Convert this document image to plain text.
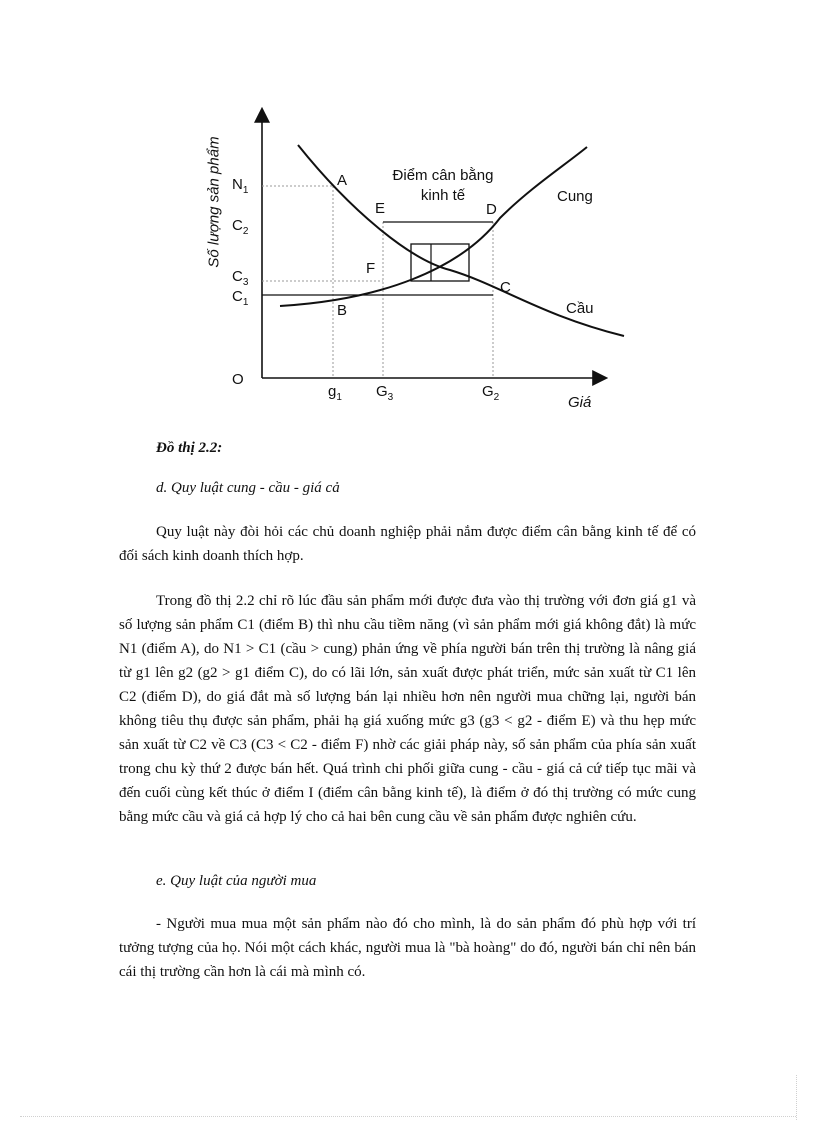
Số lượng sản phẩm $N_1$
$C_2$
$C_3$
$C_1$
O
$g_1$ $G_3$	$G_2$	Giá
A
E	D
F
B
C
Điểm cân bằng
kinh tế	Cung
Cầu
Đồ thị 2.2:
d. Quy luật cung - cầu - giá cả
Quy luật này đòi hỏi các chủ doanh nghiệp phải nắm được điểm cân bằng kinh tế để có đối sách kinh doanh thích hợp.
Trong đồ thị 2.2 chỉ rõ lúc đầu sản phẩm mới được đưa vào thị trường với đơn giá g1 và số lượng sản phẩm C1 (điểm B) thì nhu cầu tiềm năng (vì sản phẩm mới giá không đắt) là mức N1 (điểm A), do N1 > C1 (cầu > cung) phản ứng về phía người bán trên thị trường là nâng giá từ g1 lên g2 (g2 > g1 điểm C), do có lãi lớn, sản xuất được phát triển, mức sản xuất từ C1 lên C2 (điểm D), do giá đắt mà số lượng bán lại nhiều hơn nên người mua chững lại, người bán không tiêu thụ được sản phẩm, phải hạ giá xuống mức g3 (g3 < g2 - điểm E) và thu hẹp mức sản xuất từ C2 về C3 (C3 < C2 - điểm F) nhờ các giải pháp này, số sản phẩm của phía sản xuất trong chu kỳ thứ 2 được bán hết. Quá trình chi phối giữa cung - cầu - giá cả cứ tiếp tục mãi và đến cuối cùng kết thúc ở điểm I (điểm cân bằng kinh tế), là điểm ở đó thị trường có mức cung bằng mức cầu và giá cả hợp lý cho cả hai bên cung cầu về sản phẩm được nghiên cứu.
e. Quy luật của người mua
- Người mua mua một sản phẩm nào đó cho mình, là do sản phẩm đó phù hợp với trí tưởng tượng của họ. Nói một cách khác, người mua là "bà hoàng" do đó, người bán chỉ nên bán cái thị trường cần hơn là cái mà mình có.
